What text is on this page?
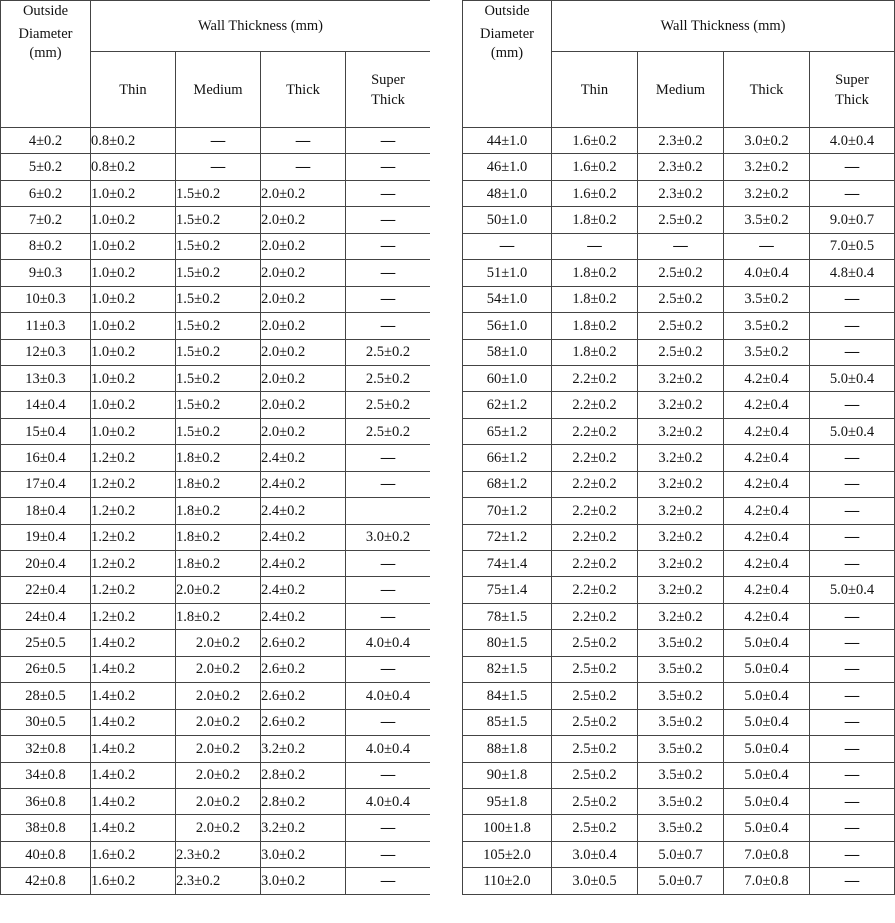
Outside
Diameter
(mm)	Wall Thickness (mm)			
	Thin	Medium	Thick	Super
Thick

4±0.2	0.8±0.2	—	—	—
5±0.2	0.8±0.2	—	—	—
6±0.2	1.0±0.2	1.5±0.2	2.0±0.2	—
7±0.2	1.0±0.2	1.5±0.2	2.0±0.2	—
8±0.2	1.0±0.2	1.5±0.2	2.0±0.2	—
9±0.3	1.0±0.2	1.5±0.2	2.0±0.2	—
10±0.3	1.0±0.2	1.5±0.2	2.0±0.2	—
11±0.3	1.0±0.2	1.5±0.2	2.0±0.2	—
12±0.3	1.0±0.2	1.5±0.2	2.0±0.2	2.5±0.2
13±0.3	1.0±0.2	1.5±0.2	2.0±0.2	2.5±0.2
14±0.4	1.0±0.2	1.5±0.2	2.0±0.2	2.5±0.2
15±0.4	1.0±0.2	1.5±0.2	2.0±0.2	2.5±0.2
16±0.4	1.2±0.2	1.8±0.2	2.4±0.2	—
17±0.4	1.2±0.2	1.8±0.2	2.4±0.2	—
18±0.4	1.2±0.2	1.8±0.2	2.4±0.2	
19±0.4	1.2±0.2	1.8±0.2	2.4±0.2	3.0±0.2
20±0.4	1.2±0.2	1.8±0.2	2.4±0.2	—
22±0.4	1.2±0.2	2.0±0.2	2.4±0.2	—
24±0.4	1.2±0.2	1.8±0.2	2.4±0.2	—
25±0.5	1.4±0.2	2.0±0.2	2.6±0.2	4.0±0.4
26±0.5	1.4±0.2	2.0±0.2	2.6±0.2	—
28±0.5	1.4±0.2	2.0±0.2	2.6±0.2	4.0±0.4
30±0.5	1.4±0.2	2.0±0.2	2.6±0.2	—
32±0.8	1.4±0.2	2.0±0.2	3.2±0.2	4.0±0.4
34±0.8	1.4±0.2	2.0±0.2	2.8±0.2	—
36±0.8	1.4±0.2	2.0±0.2	2.8±0.2	4.0±0.4
38±0.8	1.4±0.2	2.0±0.2	3.2±0.2	—
40±0.8	1.6±0.2	2.3±0.2	3.0±0.2	—
42±0.8	1.6±0.2	2.3±0.2	3.0±0.2	—
Outside
Diameter
(mm)	Wall Thickness (mm)			
	Thin	Medium	Thick	Super
Thick

44±1.0	1.6±0.2	2.3±0.2	3.0±0.2	4.0±0.4
46±1.0	1.6±0.2	2.3±0.2	3.2±0.2	—
48±1.0	1.6±0.2	2.3±0.2	3.2±0.2	—
50±1.0	1.8±0.2	2.5±0.2	3.5±0.2	9.0±0.7
—	—	—	—	7.0±0.5
51±1.0	1.8±0.2	2.5±0.2	4.0±0.4	4.8±0.4
54±1.0	1.8±0.2	2.5±0.2	3.5±0.2	—
56±1.0	1.8±0.2	2.5±0.2	3.5±0.2	—
58±1.0	1.8±0.2	2.5±0.2	3.5±0.2	—
60±1.0	2.2±0.2	3.2±0.2	4.2±0.4	5.0±0.4
62±1.2	2.2±0.2	3.2±0.2	4.2±0.4	—
65±1.2	2.2±0.2	3.2±0.2	4.2±0.4	5.0±0.4
66±1.2	2.2±0.2	3.2±0.2	4.2±0.4	—
68±1.2	2.2±0.2	3.2±0.2	4.2±0.4	—
70±1.2	2.2±0.2	3.2±0.2	4.2±0.4	—
72±1.2	2.2±0.2	3.2±0.2	4.2±0.4	—
74±1.4	2.2±0.2	3.2±0.2	4.2±0.4	—
75±1.4	2.2±0.2	3.2±0.2	4.2±0.4	5.0±0.4
78±1.5	2.2±0.2	3.2±0.2	4.2±0.4	—
80±1.5	2.5±0.2	3.5±0.2	5.0±0.4	—
82±1.5	2.5±0.2	3.5±0.2	5.0±0.4	—
84±1.5	2.5±0.2	3.5±0.2	5.0±0.4	—
85±1.5	2.5±0.2	3.5±0.2	5.0±0.4	—
88±1.8	2.5±0.2	3.5±0.2	5.0±0.4	—
90±1.8	2.5±0.2	3.5±0.2	5.0±0.4	—
95±1.8	2.5±0.2	3.5±0.2	5.0±0.4	—
100±1.8	2.5±0.2	3.5±0.2	5.0±0.4	—
105±2.0	3.0±0.4	5.0±0.7	7.0±0.8	—
110±2.0	3.0±0.5	5.0±0.7	7.0±0.8	—
